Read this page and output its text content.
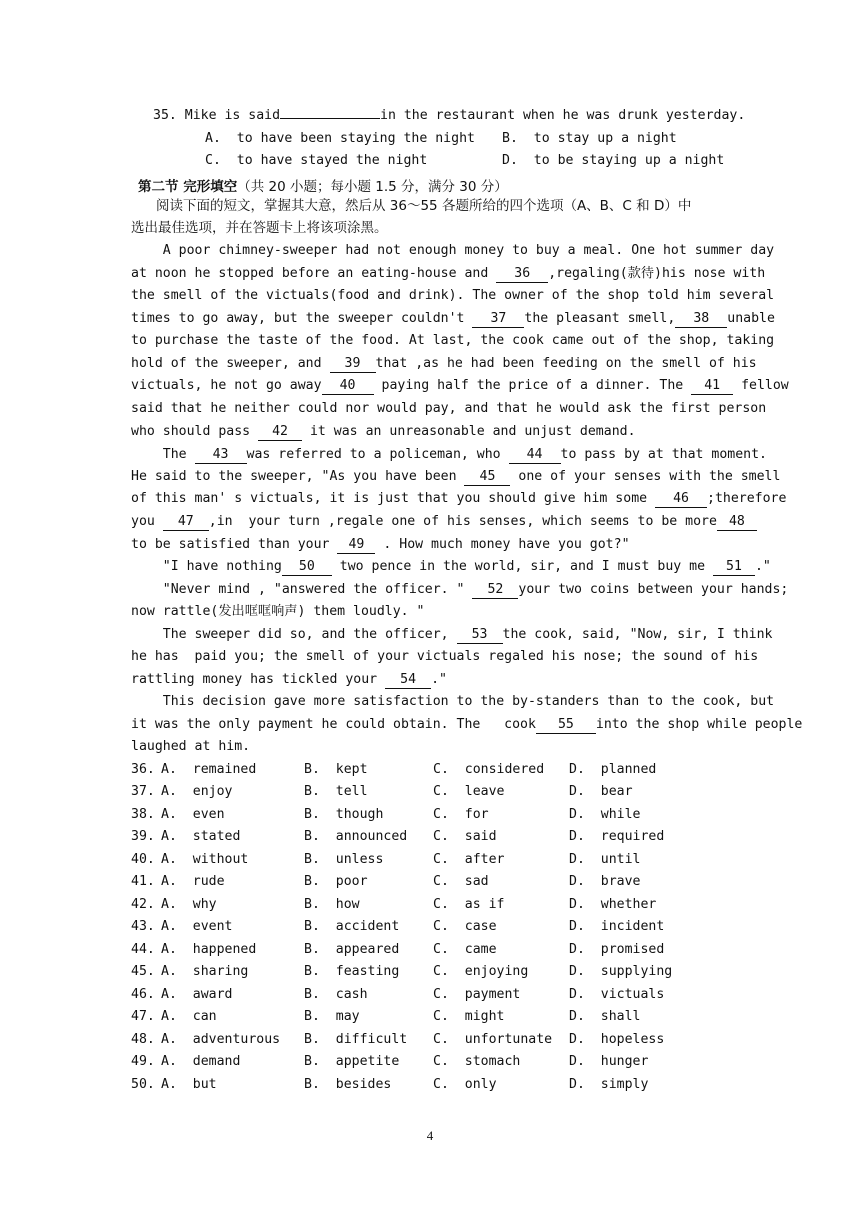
35. Mike is said	in the restaurant when he was drunk yesterday.
A.  to have been staying the night B.  to stay up a night
C.  to have stayed the night	D.  to be staying up a night
第二节 完形填空（共 20 小题；每小题 1.5 分，满分 30 分）
阅读下面的短文，掌握其大意，然后从 36～55 各题所给的四个选项（A、B、C 和 D）中
选出最佳选项，并在答题卡上将该项涂黑。
A poor chimney-sweeper had not enough money to buy a meal. One hot summer day
at noon he stopped before an eating-house and 36 ,regaling(款待)his nose with
the smell of the victuals(food and drink). The owner of the shop told him several
times to go away, but the sweeper couldn't 37 the pleasant smell, 38 unable
to purchase the taste of the food. At last, the cook came out of the shop, taking
hold of the sweeper, and 39 that ,as he had been feeding on the smell of his
victuals, he not go away 40 paying half the price of a dinner. The 41 fellow
said that he neither could nor would pay, and that he would ask the first person
who should pass 42 it was an unreasonable and unjust demand.
The 43 was referred to a policeman, who 44 to pass by at that moment.
He said to the sweeper, "As you have been 45 one of your senses with the smell
of this man' s victuals, it is just that you should give him some 46 ;therefore
you 47 ,in  your turn ,regale one of his senses, which seems to be more 48
to be satisfied than your 49 . How much money have you got?"
"I have nothing 50 two pence in the world, sir, and I must buy me 51 ."
"Never mind , "answered the officer. " 52 your two coins between your hands;
now rattle(发出哐哐响声) them loudly. "
The sweeper did so, and the officer, 53 the cook, said, "Now, sir, I think
he has  paid you; the smell of your victuals regaled his nose; the sound of his
rattling money has tickled your 54 ."
This decision gave more satisfaction to the by-standers than to the cook, but
it was the only payment he could obtain. The   cook 55 into the shop while people
laughed at him.
36. A.  remained	B.  kept	C.  considered D.  planned
37. A.  enjoy	B.  tell	C.  leave	D.  bear
38. A.  even	B.  though	C.  for	D.  while
39. A.  stated	B.  announced C.  said	D.  required
40. A.  without	B.  unless	C.  after	D.  until
41. A.  rude	B.  poor	C.  sad	D.  brave
42. A.  why	B.  how	C.  as if	D.  whether
43. A.  event	B.  accident	C.  case	D.  incident
44. A.  happened	B.  appeared	C.  came	D.  promised
45. A.  sharing	B.  feasting	C.  enjoying	D.  supplying
46. A.  award	B.  cash	C.  payment	D.  victuals
47. A.  can	B.  may	C.  might	D.  shall
48. A.  adventurous B.  difficult C.  unfortunate D.  hopeless
49. A.  demand	B.  appetite	C.  stomach	D.  hunger
50. A.  but	B.  besides	C.  only	D.  simply
4
